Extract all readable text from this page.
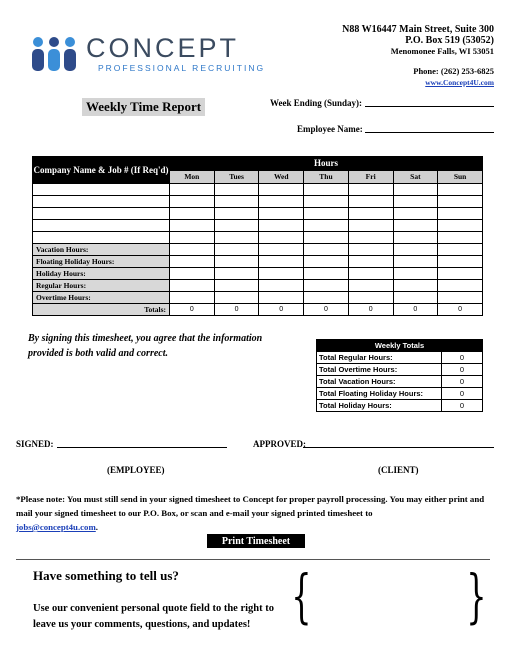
CONCEPT
PROFESSIONAL RECRUITING
N88 W16447 Main Street, Suite 300
P.O. Box 519 (53052)
Menomonee Falls, WI 53051
Phone: (262) 253-6825
www.Concept4U.com
Weekly Time Report	Week Ending (Sunday):
Employee Name:
Company Name & Job # (If Req'd)	Hours						
	Mon	Tues	Wed	Thu	Fri	Sat	Sun

Vacation Hours:							
Floating Holiday Hours:							
Holiday Hours:							
Regular Hours:							
Overtime Hours:							
Totals:	0	0	0	0	0	0	0
By signing this timesheet, you agree that the information provided is both valid and correct.
Weekly Totals	
Total Regular Hours:	0
Total Overtime Hours:	0
Total Vacation Hours:	0
Total Floating Holiday Hours:	0
Total Holiday Hours:	0
SIGNED:	APPROVED:
(EMPLOYEE)	(CLIENT)
*Please note: You must still send in your signed timesheet to Concept for proper payroll processing. You may either print and mail your signed timesheet to our P.O. Box, or scan and e-mail your signed printed timesheet to
jobs@concept4u.com.
Print Timesheet
Have something to tell us?
Use our convenient personal quote field to the right to leave us your comments, questions, and updates! {	}
